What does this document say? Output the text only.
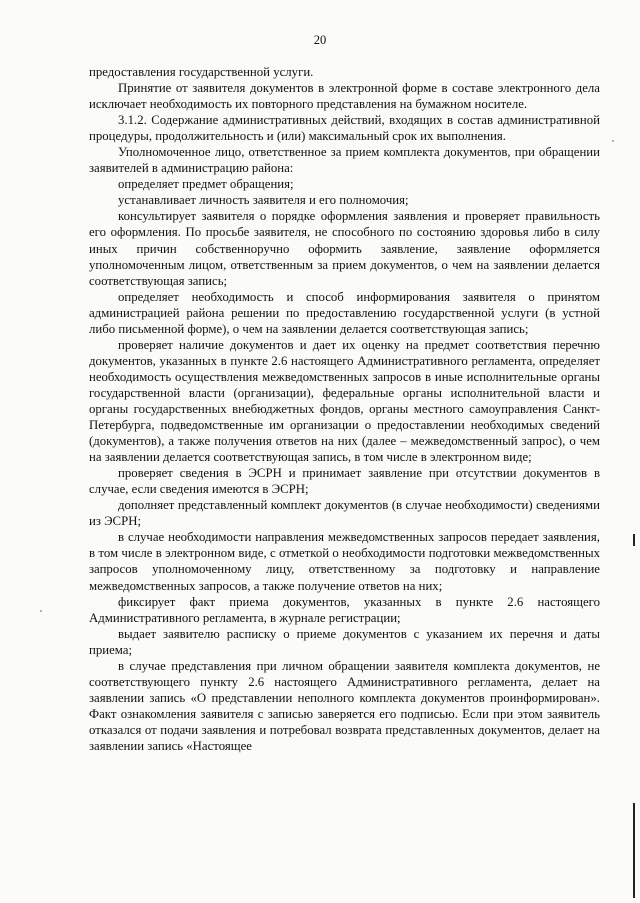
20

предоставления государственной услуги.

Принятие от заявителя документов в электронной форме в составе электронного дела исключает необходимость их повторного представления на бумажном носителе.

3.1.2. Содержание административных действий, входящих в состав административной процедуры, продолжительность и (или) максимальный срок их выполнения.

Уполномоченное лицо, ответственное за прием комплекта документов, при обращении заявителей в администрацию района:

определяет предмет обращения;

устанавливает личность заявителя и его полномочия;

консультирует заявителя о порядке оформления заявления и проверяет правильность его оформления. По просьбе заявителя, не способного по состоянию здоровья либо в силу иных причин собственноручно оформить заявление, заявление оформляется уполномоченным лицом, ответственным за прием документов, о чем на заявлении делается соответствующая запись;

определяет необходимость и способ информирования заявителя о принятом администрацией района решении по предоставлению государственной услуги (в устной либо письменной форме), о чем на заявлении делается соответствующая запись;

проверяет наличие документов и дает их оценку на предмет соответствия перечню документов, указанных в пункте 2.6 настоящего Административного регламента, определяет необходимость осуществления межведомственных запросов в иные исполнительные органы государственной власти (организации), федеральные органы исполнительной власти и органы государственных внебюджетных фондов, органы местного самоуправления Санкт-Петербурга, подведомственные им организации о предоставлении необходимых сведений (документов), а также получения ответов на них (далее – межведомственный запрос), о чем на заявлении делается соответствующая запись, в том числе в электронном виде;

проверяет сведения в ЭСРН и принимает заявление при отсутствии документов в случае, если сведения имеются в ЭСРН;

дополняет представленный комплект документов (в случае необходимости) сведениями из ЭСРН;

в случае необходимости направления межведомственных запросов передает заявления, в том числе в электронном виде, с отметкой о необходимости подготовки межведомственных запросов уполномоченному лицу, ответственному за подготовку и направление межведомственных запросов, а также получение ответов на них;

фиксирует факт приема документов, указанных в пункте 2.6 настоящего Административного регламента, в журнале регистрации;

выдает заявителю расписку о приеме документов с указанием их перечня и даты приема;

в случае представления при личном обращении заявителя комплекта документов, не соответствующего пункту 2.6 настоящего Административного регламента, делает на заявлении запись «О представлении неполного комплекта документов проинформирован». Факт ознакомления заявителя с записью заверяется его подписью. Если при этом заявитель отказался от подачи заявления и потребовал возврата представленных документов, делает на заявлении запись «Настоящее
